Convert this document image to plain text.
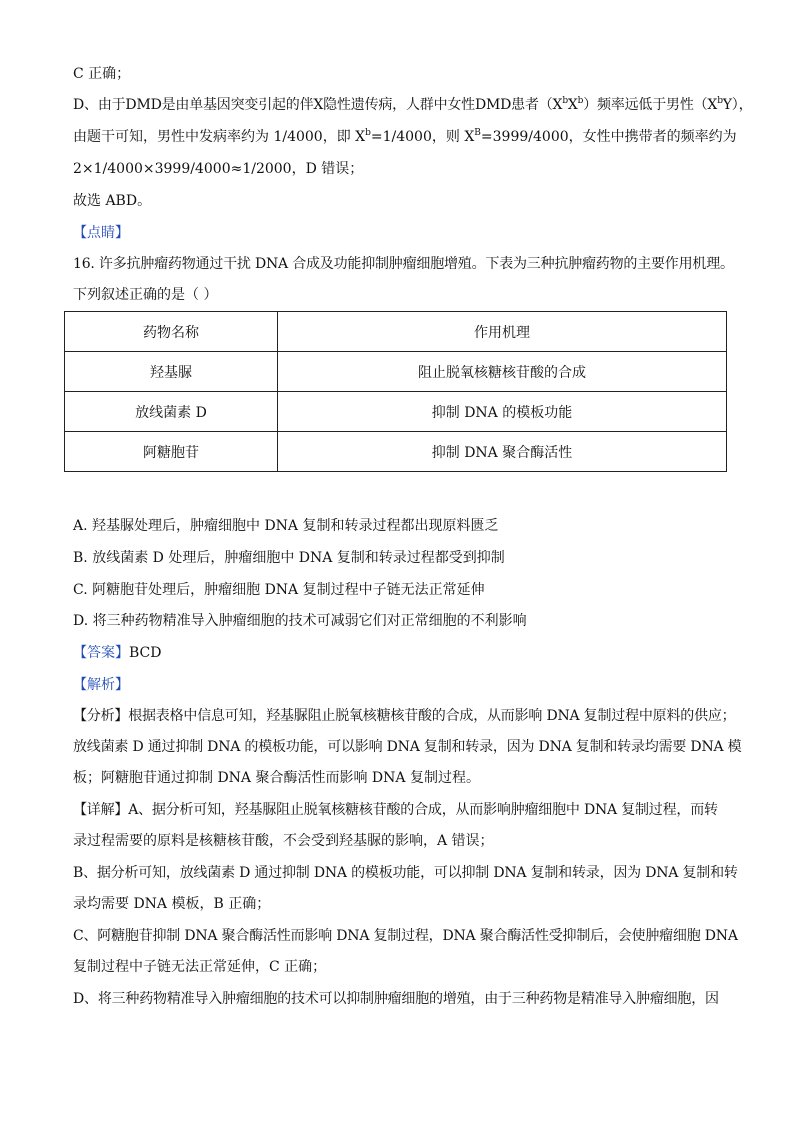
C 正确；
D、由于DMD是由单基因突变引起的伴X隐性遗传病，人群中女性DMD患者$(X^bX^b)$频率远低于男性$(X^bY)$，
由题干可知，男性中发病率约为 1/4000，即 $X^b=1/4000$，则 $X^B=3999/4000$，女性中携带者的频率约为
2×1/4000×3999/4000≈1/2000，D 错误；
故选 ABD。
【点睛】
16. 许多抗肿瘤药物通过干扰 DNA 合成及功能抑制肿瘤细胞增殖。下表为三种抗肿瘤药物的主要作用机理。
下列叙述正确的是（ ）
药物名称	作用机理
羟基脲	阻止脱氧核糖核苷酸的合成
放线菌素 D	抑制 DNA 的模板功能
阿糖胞苷	抑制 DNA 聚合酶活性
A. 羟基脲处理后，肿瘤细胞中 DNA 复制和转录过程都出现原料匮乏
B. 放线菌素 D 处理后，肿瘤细胞中 DNA 复制和转录过程都受到抑制
C. 阿糖胞苷处理后，肿瘤细胞 DNA 复制过程中子链无法正常延伸
D. 将三种药物精准导入肿瘤细胞的技术可减弱它们对正常细胞的不利影响
【答案】BCD
【解析】
【分析】根据表格中信息可知，羟基脲阻止脱氧核糖核苷酸的合成，从而影响 DNA 复制过程中原料的供应；
放线菌素 D 通过抑制 DNA 的模板功能，可以影响 DNA 复制和转录，因为 DNA 复制和转录均需要 DNA 模
板；阿糖胞苷通过抑制 DNA 聚合酶活性而影响 DNA 复制过程。
【详解】A、据分析可知，羟基脲阻止脱氧核糖核苷酸的合成，从而影响肿瘤细胞中 DNA 复制过程，而转
录过程需要的原料是核糖核苷酸，不会受到羟基脲的影响，A 错误；
B、据分析可知，放线菌素 D 通过抑制 DNA 的模板功能，可以抑制 DNA 复制和转录，因为 DNA 复制和转
录均需要 DNA 模板，B 正确；
C、阿糖胞苷抑制 DNA 聚合酶活性而影响 DNA 复制过程，DNA 聚合酶活性受抑制后，会使肿瘤细胞 DNA
复制过程中子链无法正常延伸，C 正确；
D、将三种药物精准导入肿瘤细胞的技术可以抑制肿瘤细胞的增殖，由于三种药物是精准导入肿瘤细胞，因
